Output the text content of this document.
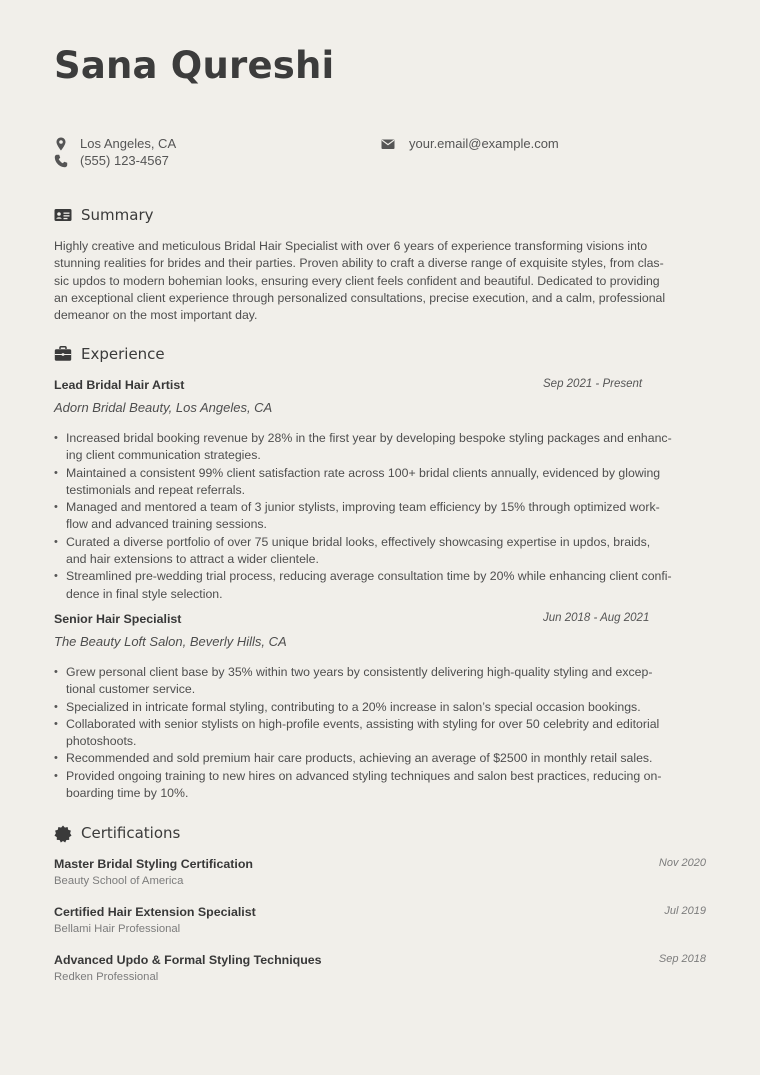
Sana Qureshi
Los Angeles, CA
(555) 123-4567
your.email@example.com
Summary
Highly creative and meticulous Bridal Hair Specialist with over 6 years of experience transforming visions into
stunning realities for brides and their parties. Proven ability to craft a diverse range of exquisite styles, from clas-
sic updos to modern bohemian looks, ensuring every client feels confident and beautiful. Dedicated to providing
an exceptional client experience through personalized consultations, precise execution, and a calm, professional
demeanor on the most important day.
Experience
Lead Bridal Hair Artist	Sep 2021 - Present
Adorn Bridal Beauty, Los Angeles, CA
• Increased bridal booking revenue by 28% in the first year by developing bespoke styling packages and enhanc-
ing client communication strategies.
• Maintained a consistent 99% client satisfaction rate across 100+ bridal clients annually, evidenced by glowing
testimonials and repeat referrals.
• Managed and mentored a team of 3 junior stylists, improving team efficiency by 15% through optimized work-
flow and advanced training sessions.
• Curated a diverse portfolio of over 75 unique bridal looks, effectively showcasing expertise in updos, braids,
and hair extensions to attract a wider clientele.
• Streamlined pre-wedding trial process, reducing average consultation time by 20% while enhancing client confi-
dence in final style selection.
Senior Hair Specialist	Jun 2018 - Aug 2021
The Beauty Loft Salon, Beverly Hills, CA
• Grew personal client base by 35% within two years by consistently delivering high-quality styling and excep-
tional customer service.
• Specialized in intricate formal styling, contributing to a 20% increase in salon’s special occasion bookings.
• Collaborated with senior stylists on high-profile events, assisting with styling for over 50 celebrity and editorial
photoshoots.
• Recommended and sold premium hair care products, achieving an average of $2500 in monthly retail sales.
• Provided ongoing training to new hires on advanced styling techniques and salon best practices, reducing on-
boarding time by 10%.
Certifications
Master Bridal Styling Certification	Nov 2020
Beauty School of America
Certified Hair Extension Specialist	Jul 2019
Bellami Hair Professional
Advanced Updo & Formal Styling Techniques	Sep 2018
Redken Professional
